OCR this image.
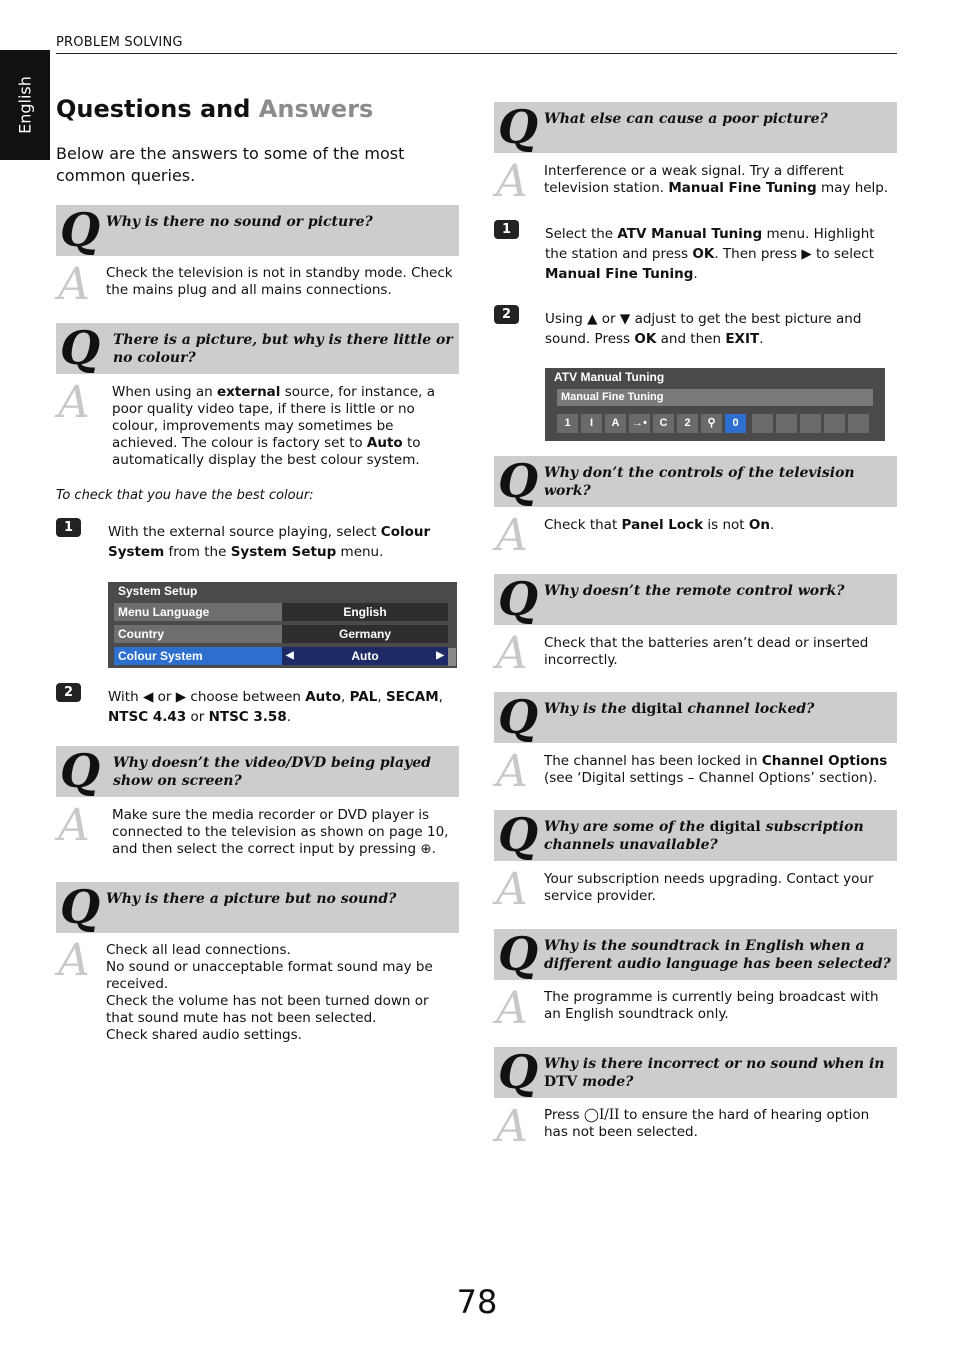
PROBLEM SOLVING
English Questions and Answers
Below are the answers to some of the most common queries.
Q Why is there no sound or picture?
A Check the television is not in standby mode. Check the mains plug and all mains connections.
Q There is a picture, but why is there little or no colour?
A When using an external source, for instance, a poor quality video tape, if there is little or no colour, improvements may sometimes be achieved. The colour is factory set to Auto to automatically display the best colour system.
To check that you have the best colour:
1	With the external source playing, select Colour System from the System Setup menu.
System Setup
Menu Language	English
Country	Germany
Colour System	◀	Auto	▶
2	With ◀ or ▶ choose between Auto, PAL, SECAM, NTSC 4.43 or NTSC 3.58.
Q Why doesn’t the video/DVD being played show on screen?
A Make sure the media recorder or DVD player is connected to the television as shown on page 10, and then select the correct input by pressing ⊕.
Q Why is there a picture but no sound?
A Check all lead connections.
No sound or unacceptable format sound may be received.
Check the volume has not been turned down or that sound mute has not been selected.
Check shared audio settings.
Q What else can cause a poor picture?
A Interference or a weak signal. Try a different television station. Manual Fine Tuning may help.
1	Select the ATV Manual Tuning menu. Highlight the station and press OK. Then press ▶ to select Manual Fine Tuning.
2	Using ▲ or ▼ adjust to get the best picture and sound. Press OK and then EXIT.
ATV Manual Tuning
Manual Fine Tuning
1	I	A	→•	C	2	⚲	0
Q Why don’t the controls of the television work?
A Check that Panel Lock is not On.
Q Why doesn’t the remote control work?
A Check that the batteries aren’t dead or inserted incorrectly.
Q Why is the digital channel locked?
A The channel has been locked in Channel Options (see ‘Digital settings – Channel Options’ section).
Q Why are some of the digital subscription channels unavailable?
A Your subscription needs upgrading. Contact your service provider.
Q Why is the soundtrack in English when a different audio language has been selected?
A The programme is currently being broadcast with an English soundtrack only.
Q Why is there incorrect or no sound when in DTV mode?
A Press ◯I/II to ensure the hard of hearing option has not been selected.
78
